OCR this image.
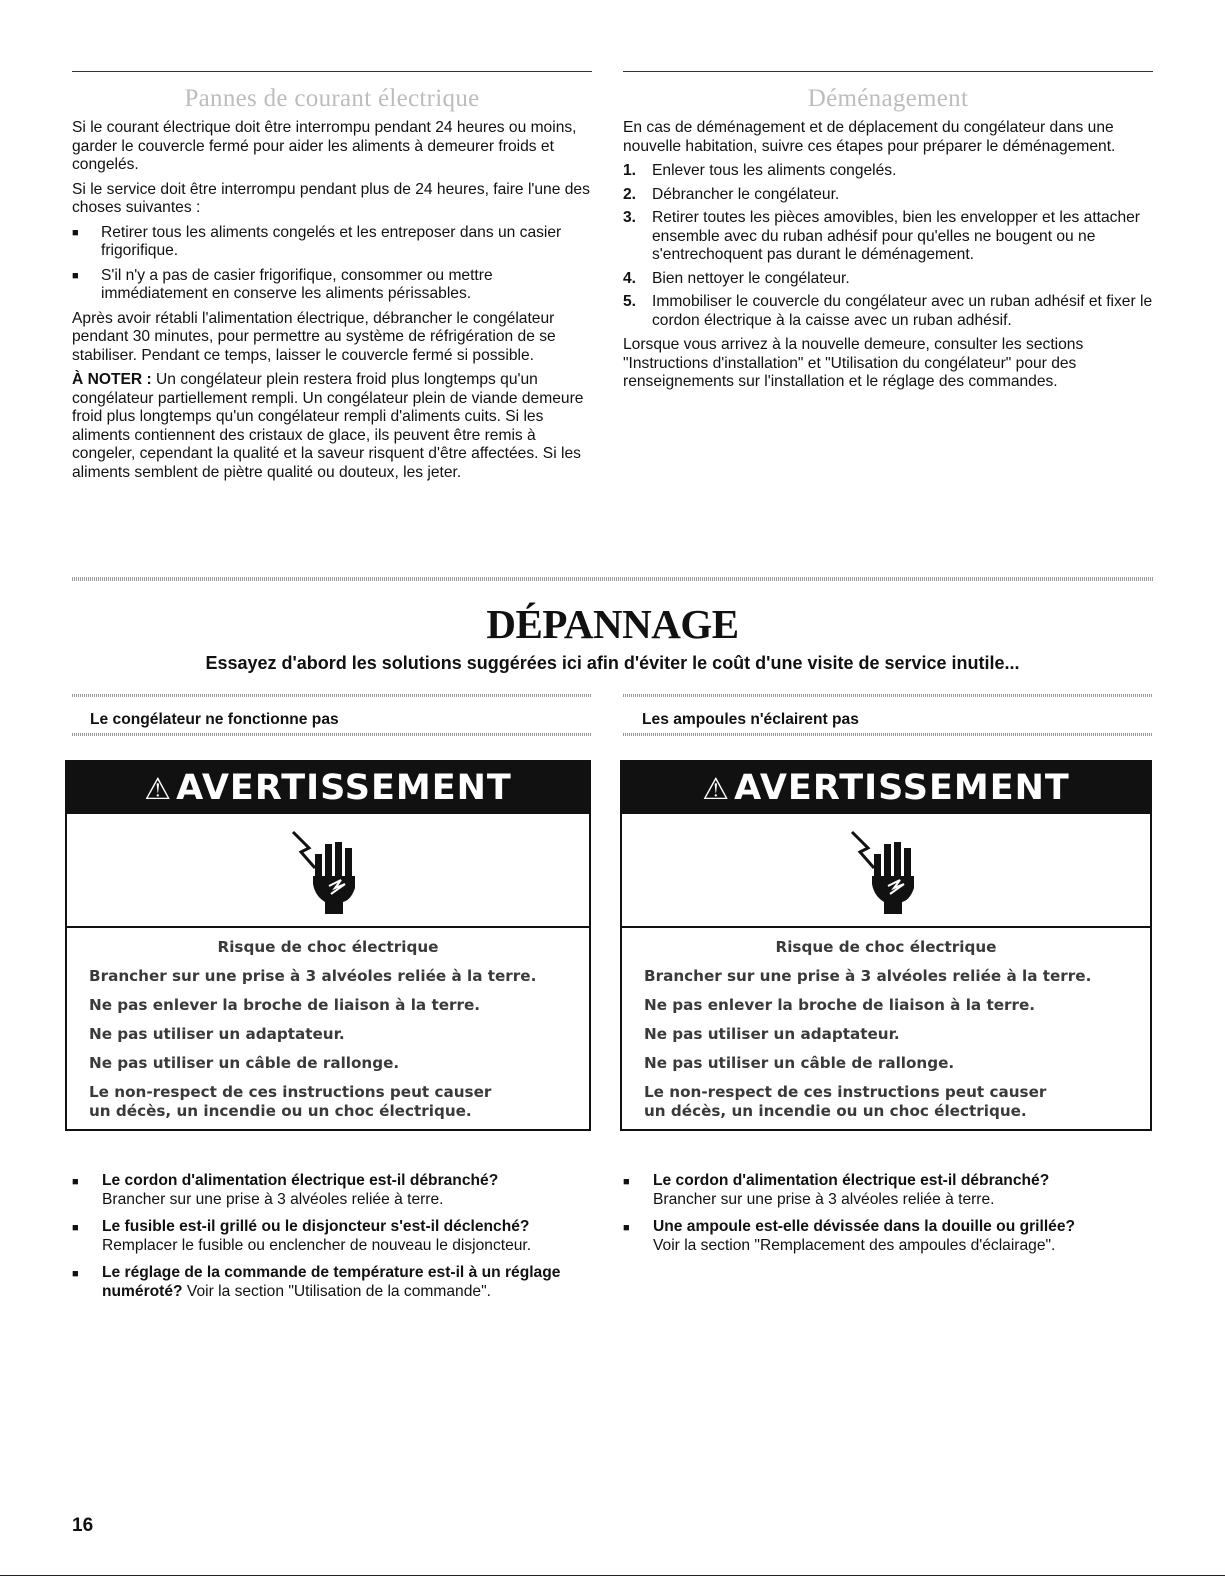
Pannes de courant électrique

Si le courant électrique doit être interrompu pendant 24 heures ou moins, garder le couvercle fermé pour aider les aliments à demeurer froids et congelés.

Si le service doit être interrompu pendant plus de 24 heures, faire l'une des choses suivantes :

■ Retirer tous les aliments congelés et les entreposer dans un casier frigorifique.
■ S'il n'y a pas de casier frigorifique, consommer ou mettre immédiatement en conserve les aliments périssables.

Après avoir rétabli l'alimentation électrique, débrancher le congélateur pendant 30 minutes, pour permettre au système de réfrigération de se stabiliser. Pendant ce temps, laisser le couvercle fermé si possible.

À NOTER : Un congélateur plein restera froid plus longtemps qu'un congélateur partiellement rempli. Un congélateur plein de viande demeure froid plus longtemps qu'un congélateur rempli d'aliments cuits. Si les aliments contiennent des cristaux de glace, ils peuvent être remis à congeler, cependant la qualité et la saveur risquent d'être affectées. Si les aliments semblent de piètre qualité ou douteux, les jeter.

Déménagement

En cas de déménagement et de déplacement du congélateur dans une nouvelle habitation, suivre ces étapes pour préparer le déménagement.

1. Enlever tous les aliments congelés.
2. Débrancher le congélateur.
3. Retirer toutes les pièces amovibles, bien les envelopper et les attacher ensemble avec du ruban adhésif pour qu'elles ne bougent ou ne s'entrechoquent pas durant le déménagement.
4. Bien nettoyer le congélateur.
5. Immobiliser le couvercle du congélateur avec un ruban adhésif et fixer le cordon électrique à la caisse avec un ruban adhésif.

Lorsque vous arrivez à la nouvelle demeure, consulter les sections "Instructions d'installation" et "Utilisation du congélateur" pour des renseignements sur l'installation et le réglage des commandes.

DÉPANNAGE
Essayez d'abord les solutions suggérées ici afin d'éviter le coût d'une visite de service inutile...
Le congélateur ne fonctionne pas	Les ampoules n'éclairent pas
⚠ AVERTISSEMENT
Risque de choc électrique
Brancher sur une prise à 3 alvéoles reliée à la terre.
Ne pas enlever la broche de liaison à la terre.
Ne pas utiliser un adaptateur.
Ne pas utiliser un câble de rallonge.
Le non-respect de ces instructions peut causer
un décès, un incendie ou un choc électrique.
⚠ AVERTISSEMENT
Risque de choc électrique
Brancher sur une prise à 3 alvéoles reliée à la terre.
Ne pas enlever la broche de liaison à la terre.
Ne pas utiliser un adaptateur.
Ne pas utiliser un câble de rallonge.
Le non-respect de ces instructions peut causer
un décès, un incendie ou un choc électrique.
■ Le cordon d'alimentation électrique est-il débranché?
Brancher sur une prise à 3 alvéoles reliée à terre.
■ Le fusible est-il grillé ou le disjoncteur s'est-il déclenché?
Remplacer le fusible ou enclencher de nouveau le disjoncteur.
■ Le réglage de la commande de température est-il à un réglage numéroté? Voir la section "Utilisation de la commande".
■ Le cordon d'alimentation électrique est-il débranché?
Brancher sur une prise à 3 alvéoles reliée à terre.
■ Une ampoule est-elle dévissée dans la douille ou grillée?
Voir la section "Remplacement des ampoules d'éclairage".
16
